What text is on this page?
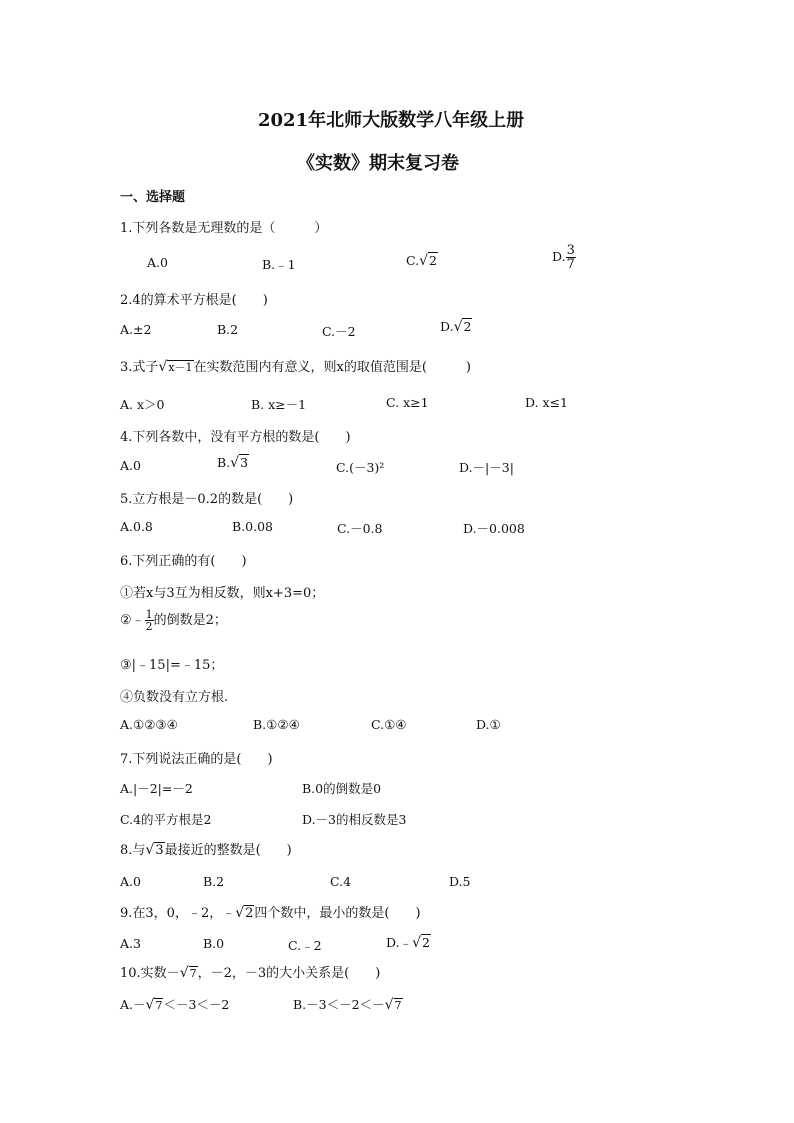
2021年北师大版数学八年级上册
《实数》期末复习卷
一、选择题
1.下列各数是无理数的是（　　　）
A.0	B.﹣1	C.√2	D. $\frac{3}{7}$
2.4的算术平方根是(　　)
A.±2	B.2	C.－2	D.√2
3.式子√x－1在实数范围内有意义，则x的取值范围是(　　　)
A. x＞0	B. x≥－1	C. x≥1	D. x≤1
4.下列各数中，没有平方根的数是(　　)
A.0	B.√3	C.(－3)²	D.－|－3|
5.立方根是－0.2的数是(　　)
A.0.8	B.0.08	C.－0.8	D.－0.008
6.下列正确的有(　　)
①若x与3互为相反数，则x+3=0；
②﹣ $\frac{1}{2}$ 的倒数是2；
③|﹣15|=﹣15；
④负数没有立方根.
A.①②③④	B.①②④	C.①④	D.①
7.下列说法正确的是(　　)
A.|－2|=－2	B.0的倒数是0
C.4的平方根是2	D.－3的相反数是3
8.与√3最接近的整数是(　　)
A.0	B.2	C.4	D.5
9.在3，0，﹣2，﹣√2四个数中，最小的数是(　　)
A.3	B.0	C.﹣2	D.﹣√2
10.实数－√7，－2，－3的大小关系是(　　)
A.－√7＜－3＜－2	B.－3＜－2＜－√7
